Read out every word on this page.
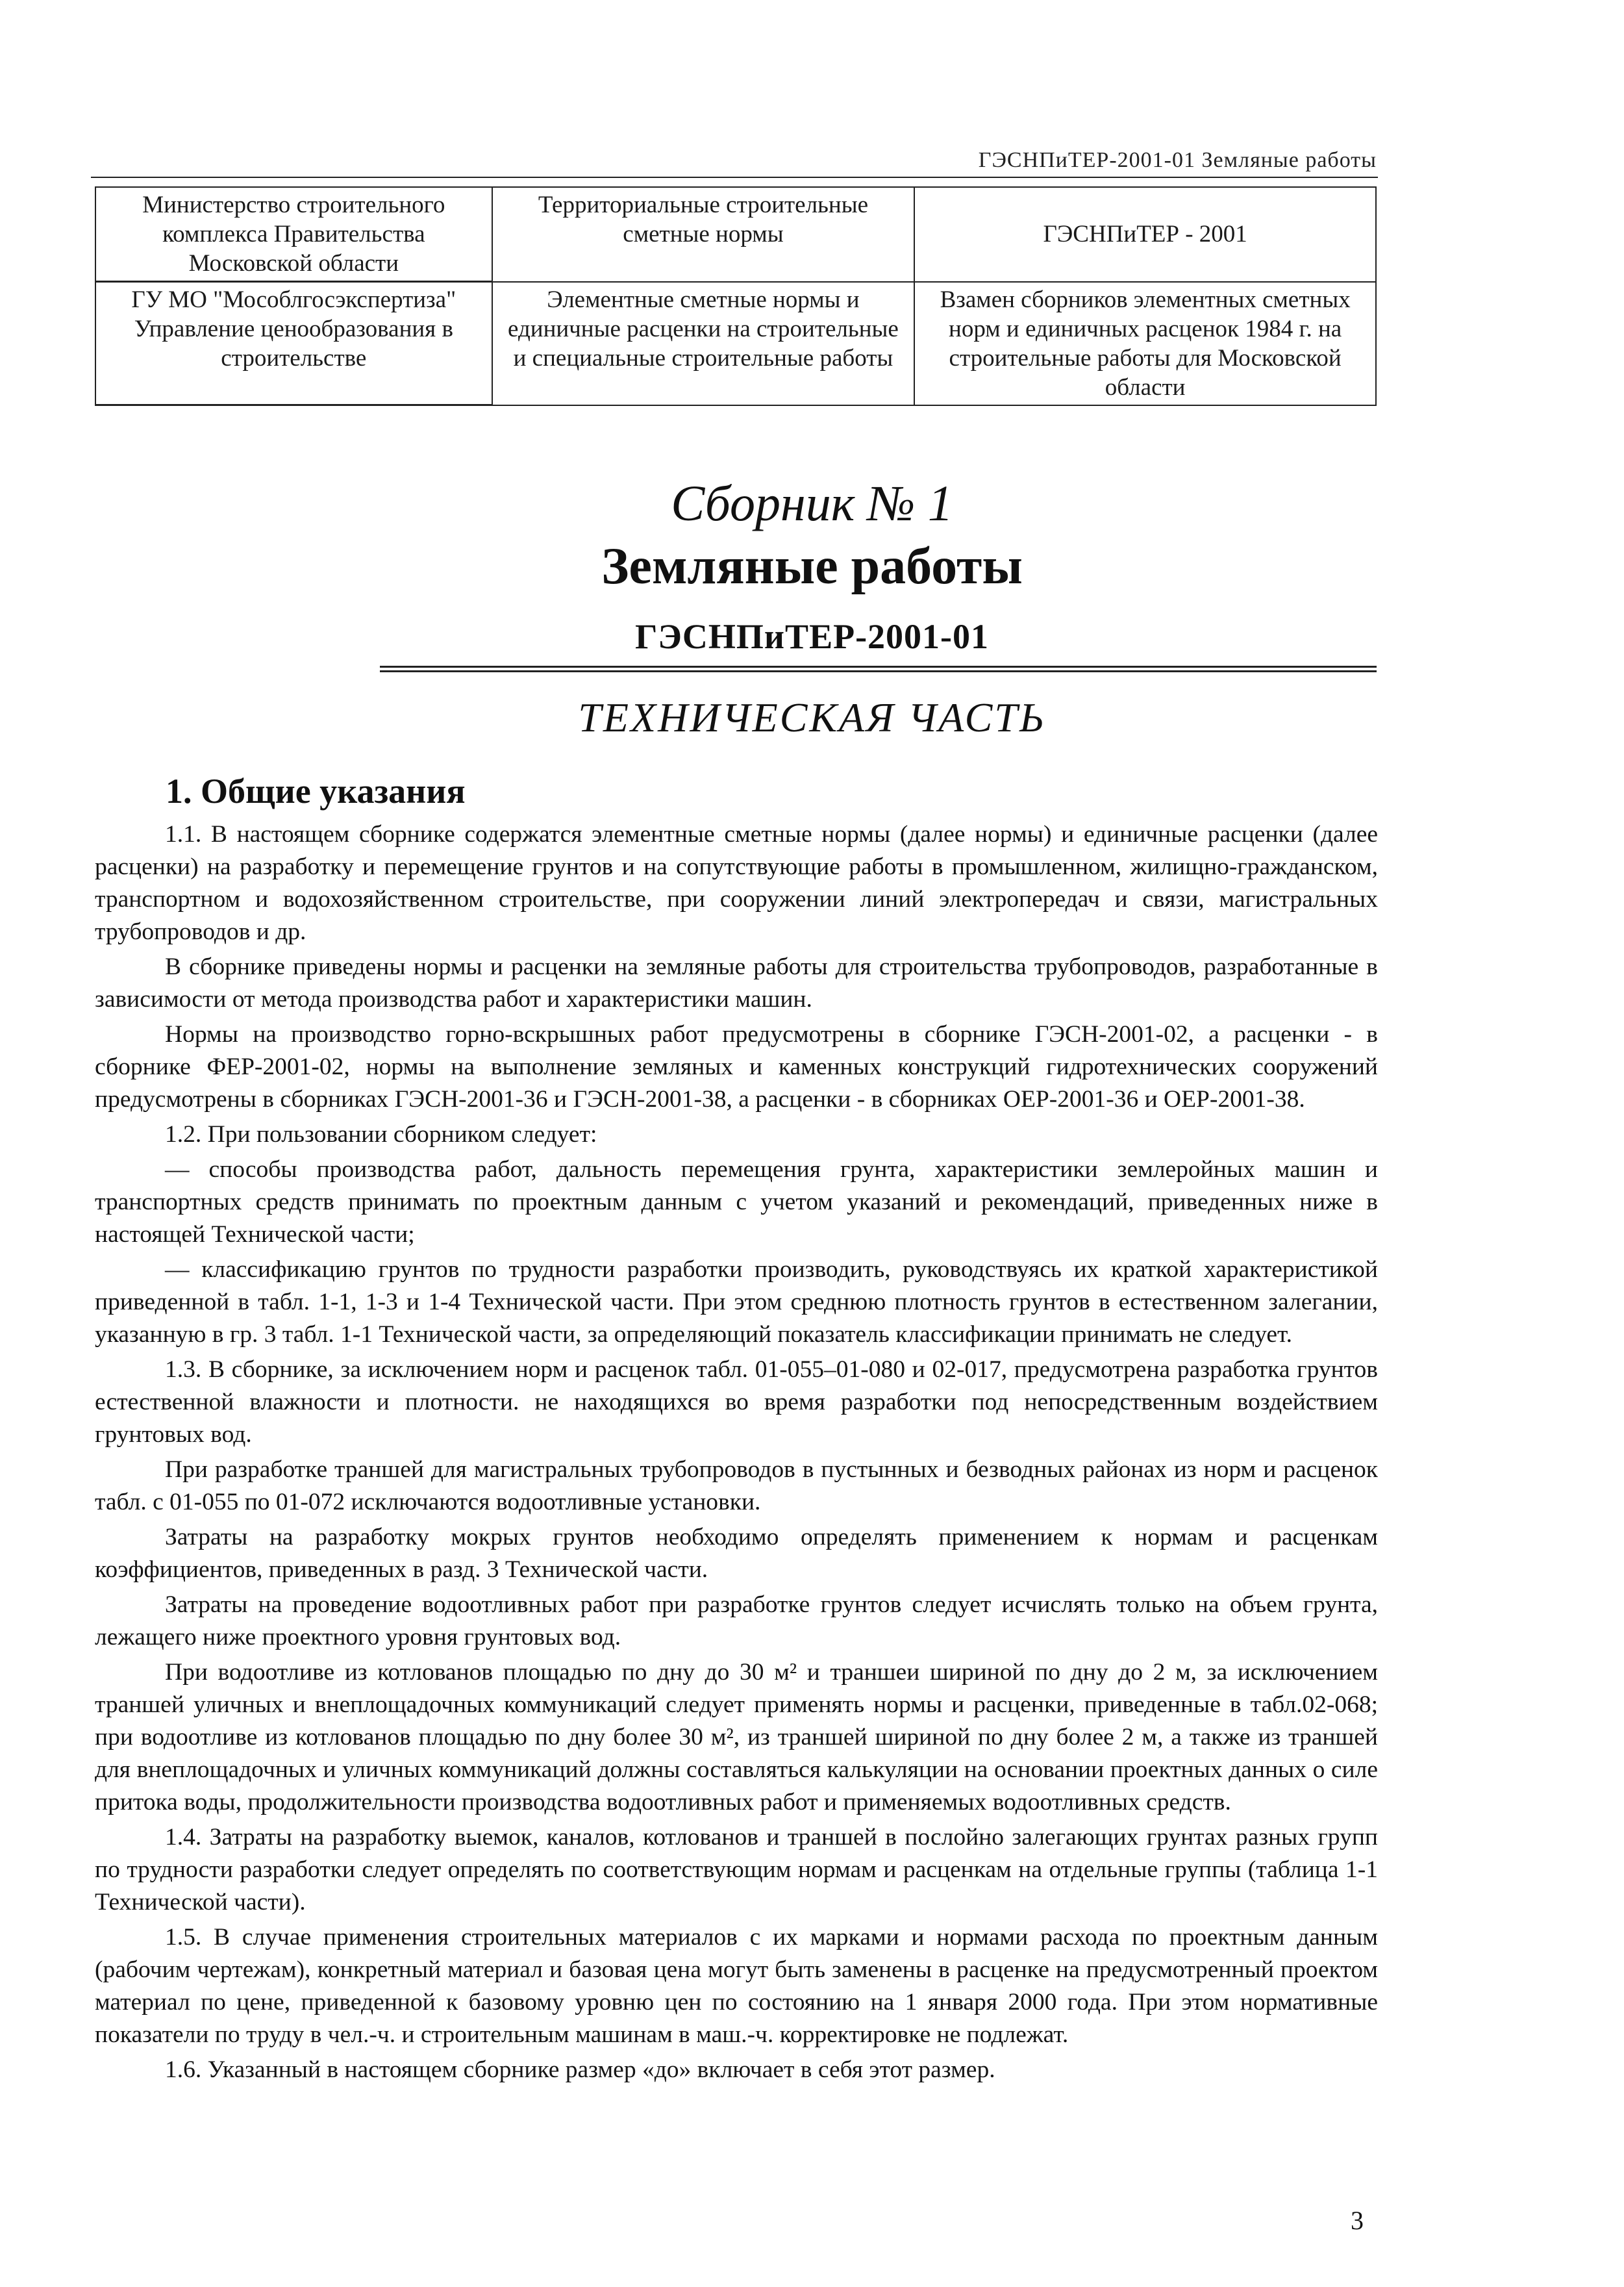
ГЭСНПиТЕР-2001-01 Земляные работы
Министерство строительного комплекса Правительства Московской области	Территориальные строительные сметные нормы	ГЭСНПиТЕР - 2001
ГУ МО "Мособлгосэкспертиза" Управление ценообразования в строительстве	Элементные сметные нормы и единичные расценки на строительные и специальные строительные работы	Взамен сборников элементных сметных норм и единичных расценок 1984 г. на строительные работы для Московской области
Сборник № 1
Земляные работы
ГЭСНПиТЕР-2001-01
ТЕХНИЧЕСКАЯ ЧАСТЬ
1. Общие указания

1.1. В настоящем сборнике содержатся элементные сметные нормы (далее нормы) и единичные расценки (далее расценки) на разработку и перемещение грунтов и на сопутствующие работы в промышленном, жилищно-гражданском, транспортном и водохозяйственном строительстве, при сооружении линий электропередач и связи, магистральных трубопроводов и др.

В сборнике приведены нормы и расценки на земляные работы для строительства трубопроводов, разработанные в зависимости от метода производства работ и характеристики машин.

Нормы на производство горно-вскрышных работ предусмотрены в сборнике ГЭСН-2001-02, а расценки - в сборнике ФЕР-2001-02, нормы на выполнение земляных и каменных конструкций гидротехнических сооружений предусмотрены в сборниках ГЭСН-2001-36 и ГЭСН-2001-38, а расценки - в сборниках ОЕР-2001-36 и ОЕР-2001-38.

1.2. При пользовании сборником следует:

— способы производства работ, дальность перемещения грунта, характеристики землеройных машин и транспортных средств принимать по проектным данным с учетом указаний и рекомендаций, приведенных ниже в настоящей Технической части;

— классификацию грунтов по трудности разработки производить, руководствуясь их краткой характеристикой приведенной в табл. 1-1, 1-3 и 1-4 Технической части. При этом среднюю плотность грунтов в естественном залегании, указанную в гр. 3 табл. 1-1 Технической части, за определяющий показатель классификации принимать не следует.

1.3. В сборнике, за исключением норм и расценок табл. 01-055–01-080 и 02-017, предусмотрена разработка грунтов естественной влажности и плотности. не находящихся во время разработки под непосредственным воздействием грунтовых вод.

При разработке траншей для магистральных трубопроводов в пустынных и безводных районах из норм и расценок табл. с 01-055 по 01-072 исключаются водоотливные установки.

Затраты на разработку мокрых грунтов необходимо определять применением к нормам и расценкам коэффициентов, приведенных в разд. 3 Технической части.

Затраты на проведение водоотливных работ при разработке грунтов следует исчислять только на объем грунта, лежащего ниже проектного уровня грунтовых вод.

При водоотливе из котлованов площадью по дну до 30 м² и траншеи шириной по дну до 2 м, за исключением траншей уличных и внеплощадочных коммуникаций следует применять нормы и расценки, приведенные в табл.02-068; при водоотливе из котлованов площадью по дну более 30 м², из траншей шириной по дну более 2 м, а также из траншей для внеплощадочных и уличных коммуникаций должны составляться калькуляции на основании проектных данных о силе притока воды, продолжительности производства водоотливных работ и применяемых водоотливных средств.

1.4. Затраты на разработку выемок, каналов, котлованов и траншей в послойно залегающих грунтах разных групп по трудности разработки следует определять по соответствующим нормам и расценкам на отдельные группы (таблица 1-1 Технической части).

1.5. В случае применения строительных материалов с их марками и нормами расхода по проектным данным (рабочим чертежам), конкретный материал и базовая цена могут быть заменены в расценке на предусмотренный проектом материал по цене, приведенной к базовому уровню цен по состоянию на 1 января 2000 года. При этом нормативные показатели по труду в чел.-ч. и строительным машинам в маш.-ч. корректировке не подлежат.

1.6. Указанный в настоящем сборнике размер «до» включает в себя этот размер.

3
